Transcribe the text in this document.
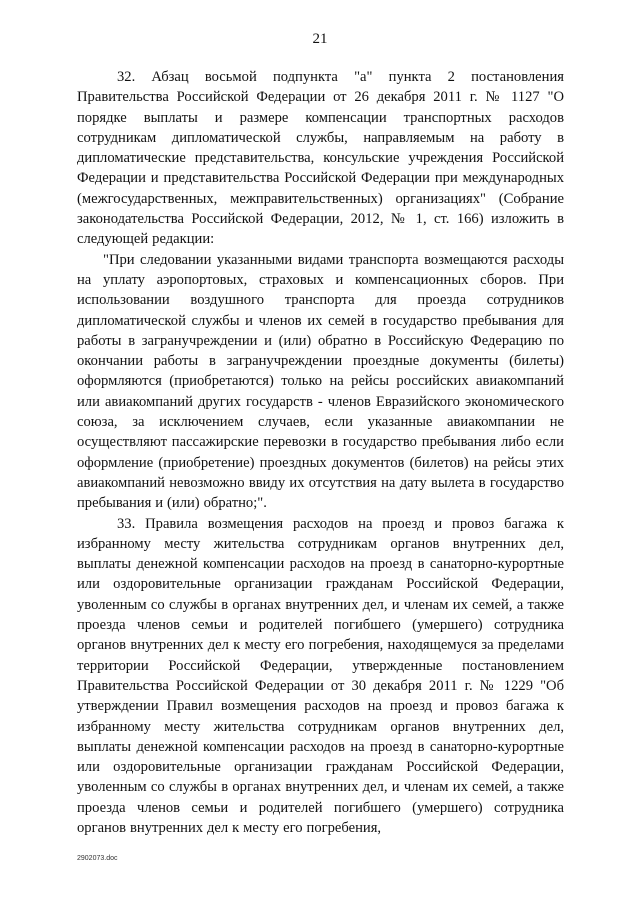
21

32. Абзац восьмой подпункта "а" пункта 2 постановления Правительства Российской Федерации от 26 декабря 2011 г. № 1127 "О порядке выплаты и размере компенсации транспортных расходов сотрудникам дипломатической службы, направляемым на работу в дипломатические представительства, консульские учреждения Российской Федерации и представительства Российской Федерации при международных (межгосударственных, межправительственных) организациях" (Собрание законодательства Российской Федерации, 2012, № 1, ст. 166) изложить в следующей редакции:

"При следовании указанными видами транспорта возмещаются расходы на уплату аэропортовых, страховых и компенсационных сборов. При использовании воздушного транспорта для проезда сотрудников дипломатической службы и членов их семей в государство пребывания для работы в загранучреждении и (или) обратно в Российскую Федерацию по окончании работы в загранучреждении проездные документы (билеты) оформляются (приобретаются) только на рейсы российских авиакомпаний или авиакомпаний других государств - членов Евразийского экономического союза, за исключением случаев, если указанные авиакомпании не осуществляют пассажирские перевозки в государство пребывания либо если оформление (приобретение) проездных документов (билетов) на рейсы этих авиакомпаний невозможно ввиду их отсутствия на дату вылета в государство пребывания и (или) обратно;".

33. Правила возмещения расходов на проезд и провоз багажа к избранному месту жительства сотрудникам органов внутренних дел, выплаты денежной компенсации расходов на проезд в санаторно-курортные или оздоровительные организации гражданам Российской Федерации, уволенным со службы в органах внутренних дел, и членам их семей, а также проезда членов семьи и родителей погибшего (умершего) сотрудника органов внутренних дел к месту его погребения, находящемуся за пределами территории Российской Федерации, утвержденные постановлением Правительства Российской Федерации от 30 декабря 2011 г. № 1229 "Об утверждении Правил возмещения расходов на проезд и провоз багажа к избранному месту жительства сотрудникам органов внутренних дел, выплаты денежной компенсации расходов на проезд в санаторно-курортные или оздоровительные организации гражданам Российской Федерации, уволенным со службы в органах внутренних дел, и членам их семей, а также проезда членов семьи и родителей погибшего (умершего) сотрудника органов внутренних дел к месту его погребения,

2902073.doc
